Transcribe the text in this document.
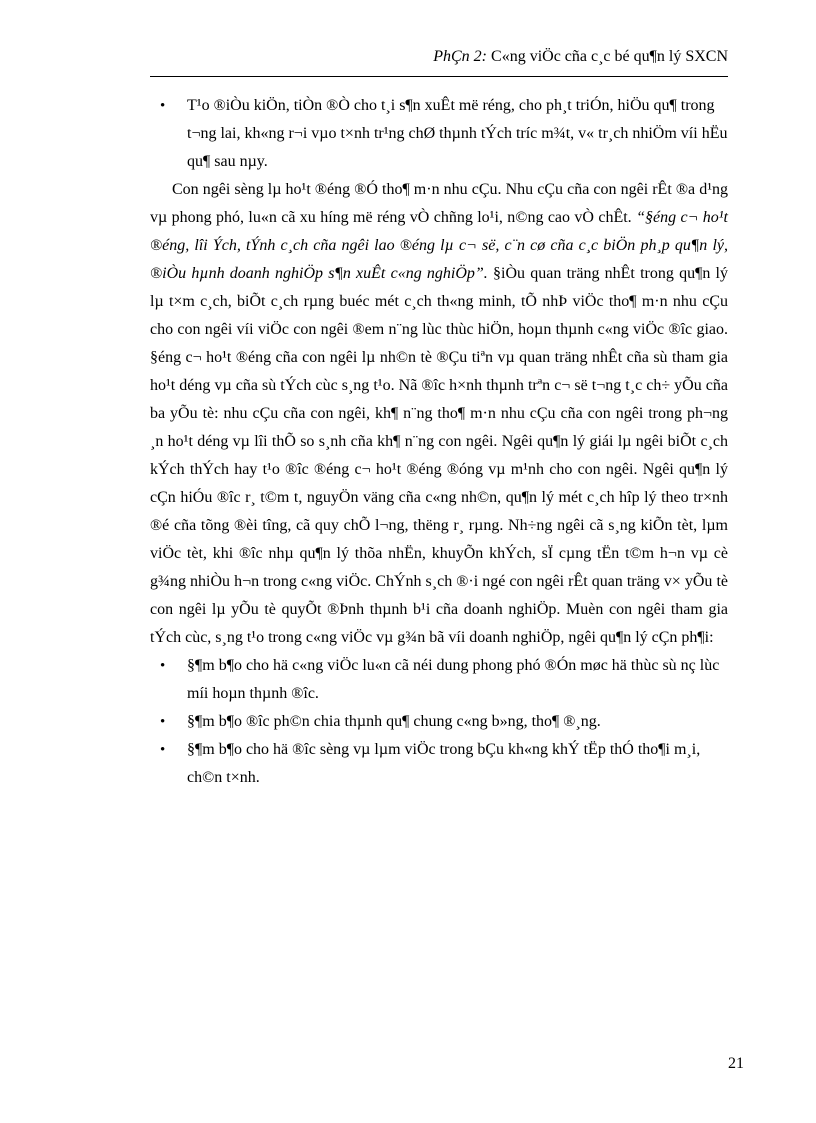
PhÇn 2: C«ng viÖc cña c¸c bé qu¶n lý SXCN
• T¹o ®iÒu kiÖn, tiÒn ®Ò cho t¸i s¶n xuÊt më réng, cho ph¸t triÓn, hiÖu qu¶ trong t¬ng lai, kh«ng r¬i vµo t×nh tr¹ng chØ thµnh tÝch tríc m¾t, v« tr¸ch nhiÖm víi hËu qu¶ sau nµy.

Con ngêi sèng lµ ho¹t ®éng ®Ó tho¶ m·n nhu cÇu. Nhu cÇu cña con ngêi rÊt ®a d¹ng vµ phong phó, lu«n cã xu híng më réng vÒ chñng lo¹i, n©ng cao vÒ chÊt. “§éng c¬ ho¹t ®éng, lîi Ých, tÝnh c¸ch cña ngêi lao ®éng lµ c¬ së, c¨n cø cña c¸c biÖn ph¸p qu¶n lý, ®iÒu hµnh doanh nghiÖp s¶n xuÊt c«ng nghiÖp”. §iÒu quan träng nhÊt trong qu¶n lý lµ t×m c¸ch, biÕt c¸ch rµng buéc mét c¸ch th«ng minh, tÕ nhÞ viÖc tho¶ m·n nhu cÇu cho con ngêi víi viÖc con ngêi ®em n¨ng lùc thùc hiÖn, hoµn thµnh c«ng viÖc ®îc giao. §éng c¬ ho¹t ®éng cña con ngêi lµ nh©n tè ®Çu tiªn vµ quan träng nhÊt cña sù tham gia ho¹t déng vµ cña sù tÝch cùc s¸ng t¹o. Nã ®îc h×nh thµnh trªn c¬ së t¬ng t¸c ch÷ yÕu cña ba yÕu tè: nhu cÇu cña con ngêi, kh¶ n¨ng tho¶ m·n nhu cÇu cña con ngêi trong ph¬ng ¸n ho¹t déng vµ lîi thÕ so s¸nh cña kh¶ n¨ng con ngêi. Ngêi qu¶n lý giái lµ ngêi biÕt c¸ch kÝch thÝch hay t¹o ®îc ®éng c¬ ho¹t ®éng ®óng vµ m¹nh cho con ngêi. Ngêi qu¶n lý cÇn hiÓu ®îc r¸ t©m t, nguyÖn väng cña c«ng nh©n, qu¶n lý mét c¸ch hîp lý theo tr×nh ®é cña tõng ®èi tîng, cã quy chÕ l¬ng, thëng r¸ rµng. Nh÷ng ngêi cã s¸ng kiÕn tèt, lµm viÖc tèt, khi ®îc nhµ qu¶n lý thõa nhËn, khuyÕn khÝch, sÏ cµng tËn t©m h¬n vµ cè g¾ng nhiÒu h¬n trong c«ng viÖc. ChÝnh s¸ch ®·i ngé con ngêi rÊt quan träng v× yÕu tè con ngêi lµ yÕu tè quyÕt ®Þnh thµnh b¹i cña doanh nghiÖp. Muèn con ngêi tham gia tÝch cùc, s¸ng t¹o trong c«ng viÖc vµ g¾n bã víi doanh nghiÖp, ngêi qu¶n lý cÇn ph¶i:

• §¶m b¶o cho hä c«ng viÖc lu«n cã néi dung phong phó ®Ón møc hä thùc sù nç lùc míi hoµn thµnh ®îc.
• §¶m b¶o ®îc ph©n chia thµnh qu¶ chung c«ng b»ng, tho¶ ®¸ng.
• §¶m b¶o cho hä ®îc sèng vµ lµm viÖc trong bÇu kh«ng khÝ tËp thÓ tho¶i m¸i, ch©n t×nh.
21
